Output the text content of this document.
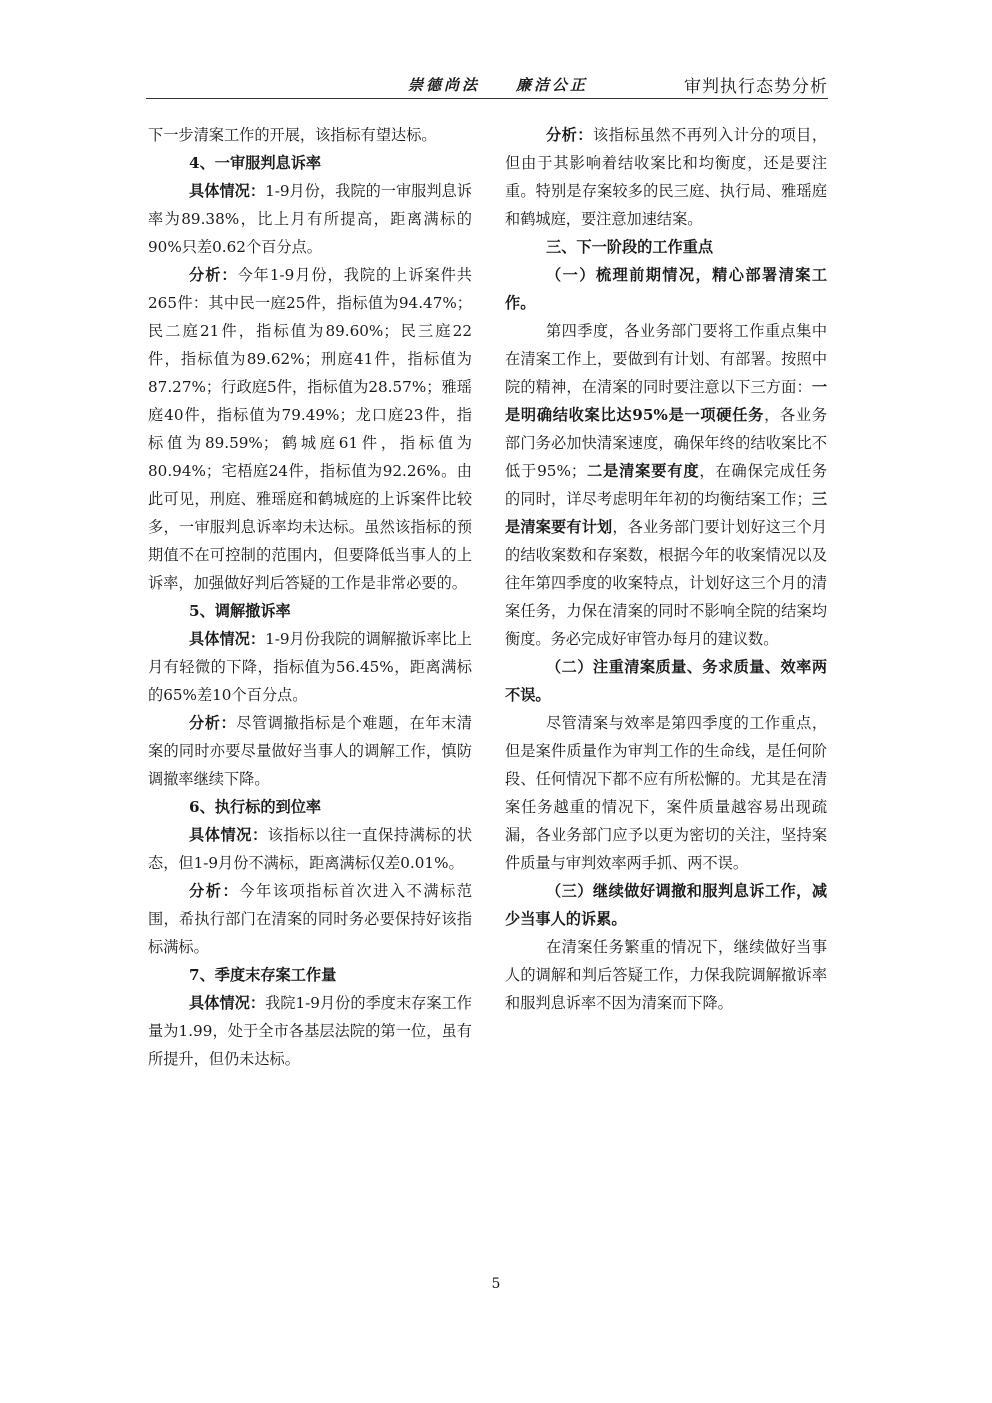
崇德尚法 廉洁公正	审判执行态势分析

下一步清案工作的开展，该指标有望达标。

4、一审服判息诉率

具体情况：1-9月份，我院的一审服判息诉率为89.38%，比上月有所提高，距离满标的90%只差0.62个百分点。

分析：今年1-9月份，我院的上诉案件共265件：其中民一庭25件，指标值为94.47%；民二庭21件，指标值为89.60%；民三庭22件，指标值为89.62%；刑庭41件，指标值为87.27%；行政庭5件，指标值为28.57%；雅瑶庭40件，指标值为79.49%；龙口庭23件，指标值为89.59%；鹤城庭61件，指标值为80.94%；宅梧庭24件，指标值为92.26%。由此可见，刑庭、雅瑶庭和鹤城庭的上诉案件比较多，一审服判息诉率均未达标。虽然该指标的预期值不在可控制的范围内，但要降低当事人的上诉率，加强做好判后答疑的工作是非常必要的。

5、调解撤诉率

具体情况：1-9月份我院的调解撤诉率比上月有轻微的下降，指标值为56.45%，距离满标的65%差10个百分点。

分析：尽管调撤指标是个难题，在年末清案的同时亦要尽量做好当事人的调解工作，慎防调撤率继续下降。

6、执行标的到位率

具体情况：该指标以往一直保持满标的状态，但1-9月份不满标，距离满标仅差0.01%。

分析：今年该项指标首次进入不满标范围，希执行部门在清案的同时务必要保持好该指标满标。

7、季度末存案工作量

具体情况：我院1-9月份的季度末存案工作量为1.99，处于全市各基层法院的第一位，虽有所提升，但仍未达标。

分析：该指标虽然不再列入计分的项目，但由于其影响着结收案比和均衡度，还是要注重。特别是存案较多的民三庭、执行局、雅瑶庭和鹤城庭，要注意加速结案。

三、下一阶段的工作重点

（一）梳理前期情况，精心部署清案工作。

第四季度，各业务部门要将工作重点集中在清案工作上，要做到有计划、有部署。按照中院的精神，在清案的同时要注意以下三方面：一是明确结收案比达95%是一项硬任务，各业务部门务必加快清案速度，确保年终的结收案比不低于95%；二是清案要有度，在确保完成任务的同时，详尽考虑明年年初的均衡结案工作；三是清案要有计划，各业务部门要计划好这三个月的结收案数和存案数，根据今年的收案情况以及往年第四季度的收案特点，计划好这三个月的清案任务，力保在清案的同时不影响全院的结案均衡度。务必完成好审管办每月的建议数。

（二）注重清案质量、务求质量、效率两不误。

尽管清案与效率是第四季度的工作重点，但是案件质量作为审判工作的生命线，是任何阶段、任何情况下都不应有所松懈的。尤其是在清案任务越重的情况下，案件质量越容易出现疏漏，各业务部门应予以更为密切的关注，坚持案件质量与审判效率两手抓、两不误。

（三）继续做好调撤和服判息诉工作，减少当事人的诉累。

在清案任务繁重的情况下，继续做好当事人的调解和判后答疑工作，力保我院调解撤诉率和服判息诉率不因为清案而下降。

5
